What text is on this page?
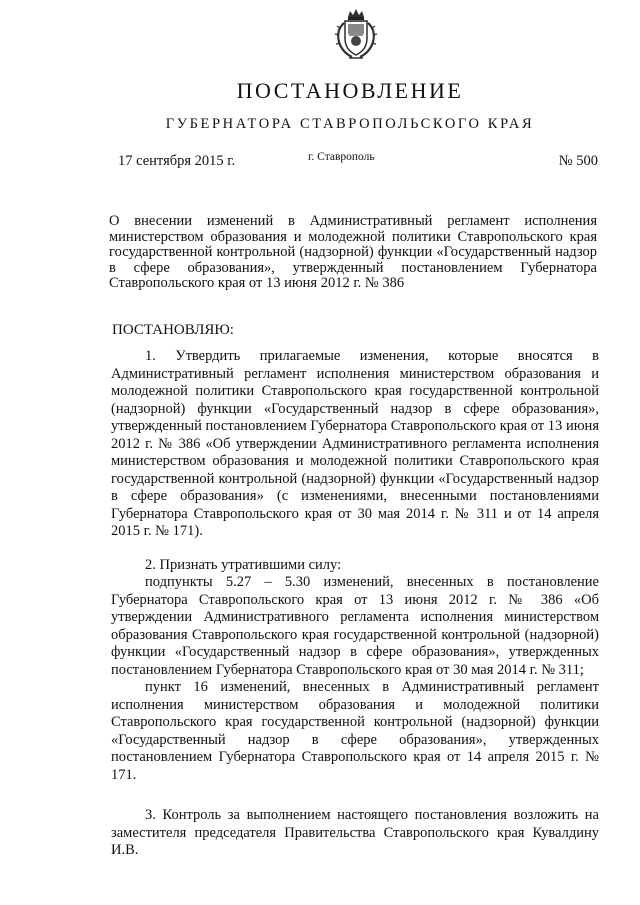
ПОСТАНОВЛЕНИЕ
ГУБЕРНАТОРА СТАВРОПОЛЬСКОГО КРАЯ
17 сентября 2015 г.	г. Ставрополь	№ 500
О внесении изменений в Административный регламент исполнения министерством образования и молодежной политики Ставропольского края государственной контрольной (надзорной) функции «Государственный надзор в сфере образования», утвержденный постановлением Губернатора Ставропольского края от 13 июня 2012 г. № 386
ПОСТАНОВЛЯЮ:

1. Утвердить прилагаемые изменения, которые вносятся в Административный регламент исполнения министерством образования и молодежной политики Ставропольского края государственной контрольной (надзорной) функции «Государственный надзор в сфере образования», утвержденный постановлением Губернатора Ставропольского края от 13 июня 2012 г. № 386 «Об утверждении Административного регламента исполнения министерством образования и молодежной политики Ставропольского края государственной контрольной (надзорной) функции «Государственный надзор в сфере образования» (с изменениями, внесенными постановлениями Губернатора Ставропольского края от 30 мая 2014 г. № 311 и от 14 апреля 2015 г. № 171).

2. Признать утратившими силу:

подпункты 5.27 – 5.30 изменений, внесенных в постановление Губернатора Ставропольского края от 13 июня 2012 г. № 386 «Об утверждении Административного регламента исполнения министерством образования Ставропольского края государственной контрольной (надзорной) функции «Государственный надзор в сфере образования», утвержденных постановлением Губернатора Ставропольского края от 30 мая 2014 г. № 311;

пункт 16 изменений, внесенных в Административный регламент исполнения министерством образования и молодежной политики Ставропольского края государственной контрольной (надзорной) функции «Государственный надзор в сфере образования», утвержденных постановлением Губернатора Ставропольского края от 14 апреля 2015 г. № 171.

3. Контроль за выполнением настоящего постановления возложить на заместителя председателя Правительства Ставропольского края Кувалдину И.В.
